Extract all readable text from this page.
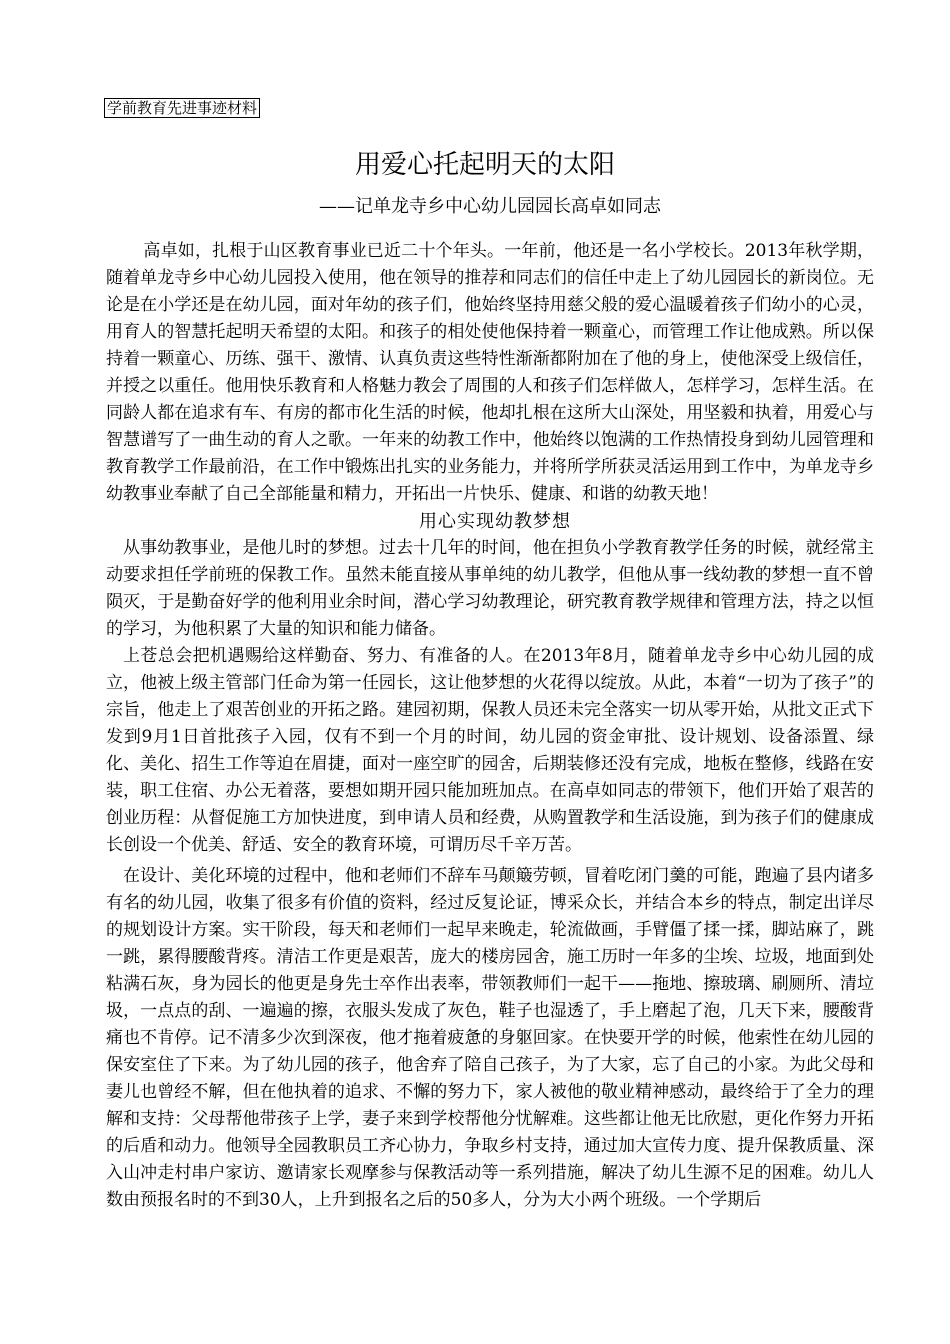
学前教育先进事迹材料
用爱心托起明天的太阳
——记单龙寺乡中心幼儿园园长高卓如同志

高卓如，扎根于山区教育事业已近二十个年头。一年前，他还是一名小学校长。2013年秋学期，随着单龙寺乡中心幼儿园投入使用，他在领导的推荐和同志们的信任中走上了幼儿园园长的新岗位。无论是在小学还是在幼儿园，面对年幼的孩子们，他始终坚持用慈父般的爱心温暖着孩子们幼小的心灵，用育人的智慧托起明天希望的太阳。和孩子的相处使他保持着一颗童心，而管理工作让他成熟。所以保持着一颗童心、历练、强干、激情、认真负责这些特性渐渐都附加在了他的身上，使他深受上级信任，并授之以重任。他用快乐教育和人格魅力教会了周围的人和孩子们怎样做人，怎样学习，怎样生活。在同龄人都在追求有车、有房的都市化生活的时候，他却扎根在这所大山深处，用坚毅和执着，用爱心与智慧谱写了一曲生动的育人之歌。一年来的幼教工作中，他始终以饱满的工作热情投身到幼儿园管理和教育教学工作最前沿，在工作中锻炼出扎实的业务能力，并将所学所获灵活运用到工作中，为单龙寺乡幼教事业奉献了自己全部能量和精力，开拓出一片快乐、健康、和谐的幼教天地！

用心实现幼教梦想

从事幼教事业，是他儿时的梦想。过去十几年的时间，他在担负小学教育教学任务的时候，就经常主动要求担任学前班的保教工作。虽然未能直接从事单纯的幼儿教学，但他从事一线幼教的梦想一直不曾陨灭，于是勤奋好学的他利用业余时间，潜心学习幼教理论，研究教育教学规律和管理方法，持之以恒的学习，为他积累了大量的知识和能力储备。

上苍总会把机遇赐给这样勤奋、努力、有准备的人。在2013年8月，随着单龙寺乡中心幼儿园的成立，他被上级主管部门任命为第一任园长，这让他梦想的火花得以绽放。从此，本着“一切为了孩子”的宗旨，他走上了艰苦创业的开拓之路。建园初期，保教人员还未完全落实一切从零开始，从批文正式下发到9月1日首批孩子入园，仅有不到一个月的时间，幼儿园的资金审批、设计规划、设备添置、绿化、美化、招生工作等迫在眉捷，面对一座空旷的园舍，后期装修还没有完成，地板在整修，线路在安装，职工住宿、办公无着落，要想如期开园只能加班加点。在高卓如同志的带领下，他们开始了艰苦的创业历程：从督促施工方加快进度，到申请人员和经费，从购置教学和生活设施，到为孩子们的健康成长创设一个优美、舒适、安全的教育环境，可谓历尽千辛万苦。

在设计、美化环境的过程中，他和老师们不辞车马颠簸劳顿，冒着吃闭门羹的可能，跑遍了县内诸多有名的幼儿园，收集了很多有价值的资料，经过反复论证，博采众长，并结合本乡的特点，制定出详尽的规划设计方案。实干阶段，每天和老师们一起早来晚走，轮流做画，手臂僵了揉一揉，脚站麻了，跳一跳，累得腰酸背疼。清洁工作更是艰苦，庞大的楼房园舍，施工历时一年多的尘埃、垃圾，地面到处粘满石灰，身为园长的他更是身先士卒作出表率，带领教师们一起干——拖地、擦玻璃、刷厕所、清垃圾，一点点的刮、一遍遍的擦，衣服头发成了灰色，鞋子也湿透了，手上磨起了泡，几天下来，腰酸背痛也不肯停。记不清多少次到深夜，他才拖着疲惫的身躯回家。在快要开学的时候，他索性在幼儿园的保安室住了下来。为了幼儿园的孩子，他舍弃了陪自己孩子，为了大家，忘了自己的小家。为此父母和妻儿也曾经不解，但在他执着的追求、不懈的努力下，家人被他的敬业精神感动，最终给于了全力的理解和支持：父母帮他带孩子上学，妻子来到学校帮他分忧解难。这些都让他无比欣慰，更化作努力开拓的后盾和动力。他领导全园教职员工齐心协力，争取乡村支持，通过加大宣传力度、提升保教质量、深入山冲走村串户家访、邀请家长观摩参与保教活动等一系列措施，解决了幼儿生源不足的困难。幼儿人数由预报名时的不到30人，上升到报名之后的50多人，分为大小两个班级。一个学期后
